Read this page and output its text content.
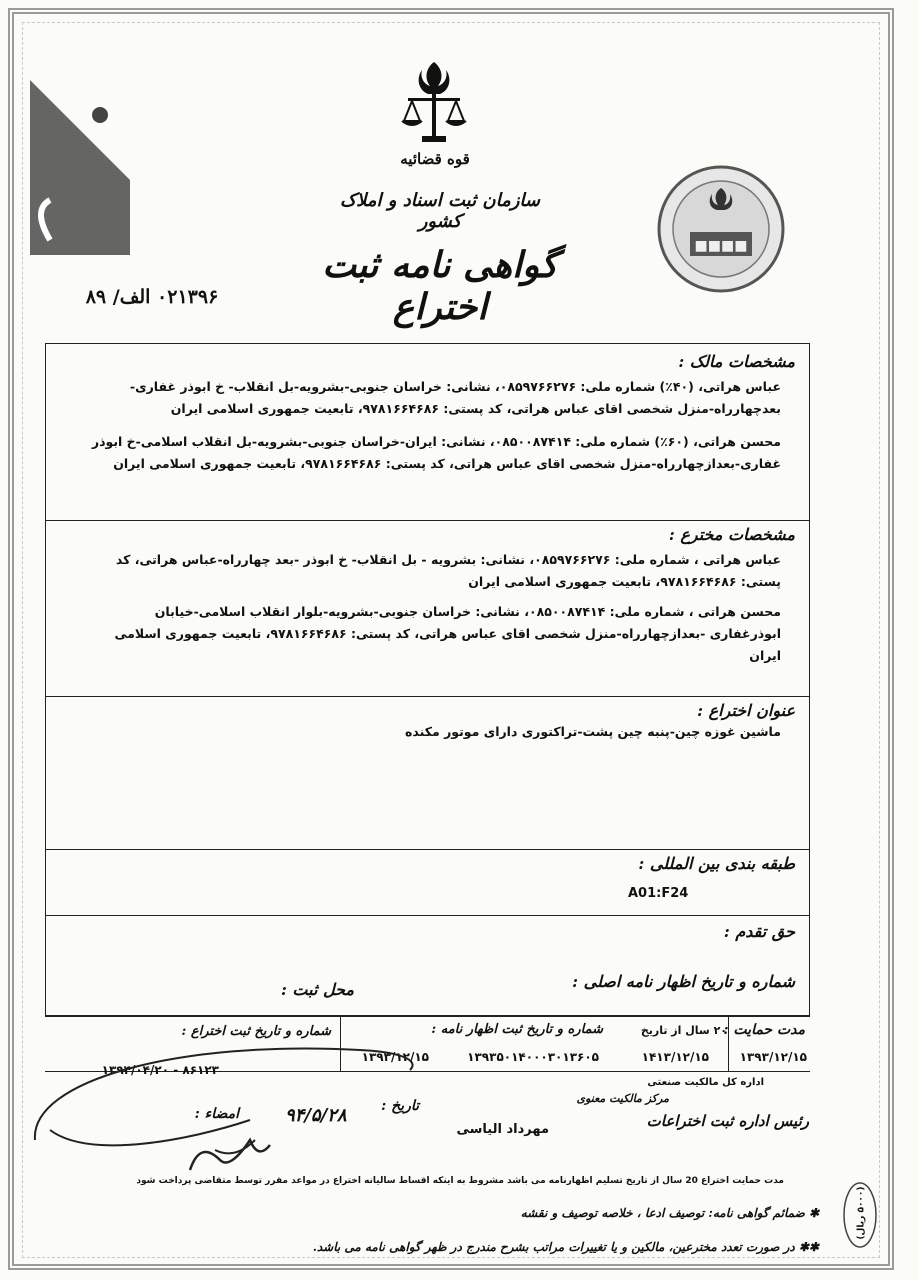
قوه قضائیه
سازمان ثبت اسناد و املاک کشور
گواهی نامه ثبت اختراع
۰۲۱۳۹۶ الف/ ۸۹
■■■■
مشخصات مالک :
عباس هراتی، (۴۰٪) شماره ملی: ۰۸۵۹۷۶۶۲۷۶، نشانی: خراسان جنوبی-بشرویه-بل انقلاب- خ ابوذر غفاری- بعدچهارراه-منزل شخصی اقای عباس هراتی، کد پستی: ۹۷۸۱۶۶۴۶۸۶، تابعیت جمهوری اسلامی ایران
محسن هراتی، (۶۰٪) شماره ملی: ۰۸۵۰۰۸۷۴۱۴، نشانی: ایران-خراسان جنوبی-بشرویه-بل انقلاب اسلامی-خ ابوذر غفاری-بعدازچهارراه-منزل شخصی اقای عباس هراتی، کد پستی: ۹۷۸۱۶۶۴۶۸۶، تابعیت جمهوری اسلامی ایران
مشخصات مخترع :
عباس هراتی ، شماره ملی: ۰۸۵۹۷۶۶۲۷۶، نشانی: بشرویه - بل انقلاب- خ ابوذر -بعد چهارراه-عباس هراتی، کد پستی: ۹۷۸۱۶۶۴۶۸۶، تابعیت جمهوری اسلامی ایران
محسن هراتی ، شماره ملی: ۰۸۵۰۰۸۷۴۱۴، نشانی: خراسان جنوبی-بشرویه-بلوار انقلاب اسلامی-خیابان ابوذرغفاری -بعدازچهارراه-منزل شخصی اقای عباس هراتی، کد پستی: ۹۷۸۱۶۶۴۶۸۶، تابعیت جمهوری اسلامی ایران
عنوان اختراع :
ماشین غوزه چین-پنبه چین پشت-تراکتوری دارای موتور مکنده
طبقه بندی بین المللی :
A01:F24
حق تقدم :
شماره و تاریخ اظهار نامه اصلی :
محل ثبت :
مدت حمایت :
۲۰ سال از تاریخ
شماره و تاریخ ثبت اظهار نامه :
شماره و تاریخ ثبت اختراع :
۱۳۹۳/۱۲/۱۵
۱۴۱۳/۱۲/۱۵
۱۳۹۳۵۰۱۴۰۰۰۳۰۱۳۶۰۵
۱۳۹۳/۱۲/۱۵
۸۶۱۲۳ - ۱۳۹۴/۰۴/۲۰
اداره کل مالکیت صنعتی
مرکز مالکیت معنوی
رئیس اداره ثبت اختراعات
مهرداد الیاسی
تاریخ :
امضاء :	۹۴/۵/۲۸
مدت حمایت اختراع 20 سال از تاریخ تسلیم اظهارنامه می باشد مشروط به اینکه اقساط سالیانه اختراع در مواعد مقرر توسط متقاضی پرداخت شود
✱ ضمائم گواهی نامه: توصیف ادعا ، خلاصه توصیف و نقشه
✱✱ در صورت تعدد مخترعین، مالکین و یا تغییرات مراتب بشرح مندرج در ظهر گواهی نامه می باشد.
(۵۰۰۰ ریال)
